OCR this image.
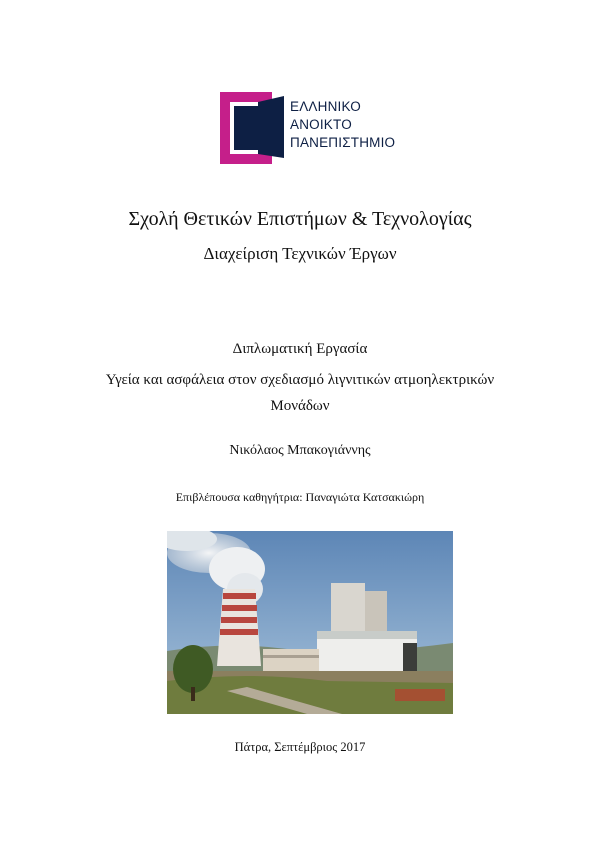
ΕΛΛΗΝΙΚΟ
ΑΝΟΙΚΤΟ
ΠΑΝΕΠΙΣΤΗΜΙΟ
Σχολή Θετικών Επιστήμων & Τεχνολογίας
Διαχείριση Τεχνικών Έργων
Διπλωματική Εργασία
Υγεία και ασφάλεια στον σχεδιασμό λιγνιτικών ατμοηλεκτρικών
Μονάδων
Νικόλαος Μπακογιάννης
Επιβλέπουσα καθηγήτρια: Παναγιώτα Κατσακιώρη
Πάτρα, Σεπτέμβριος 2017
